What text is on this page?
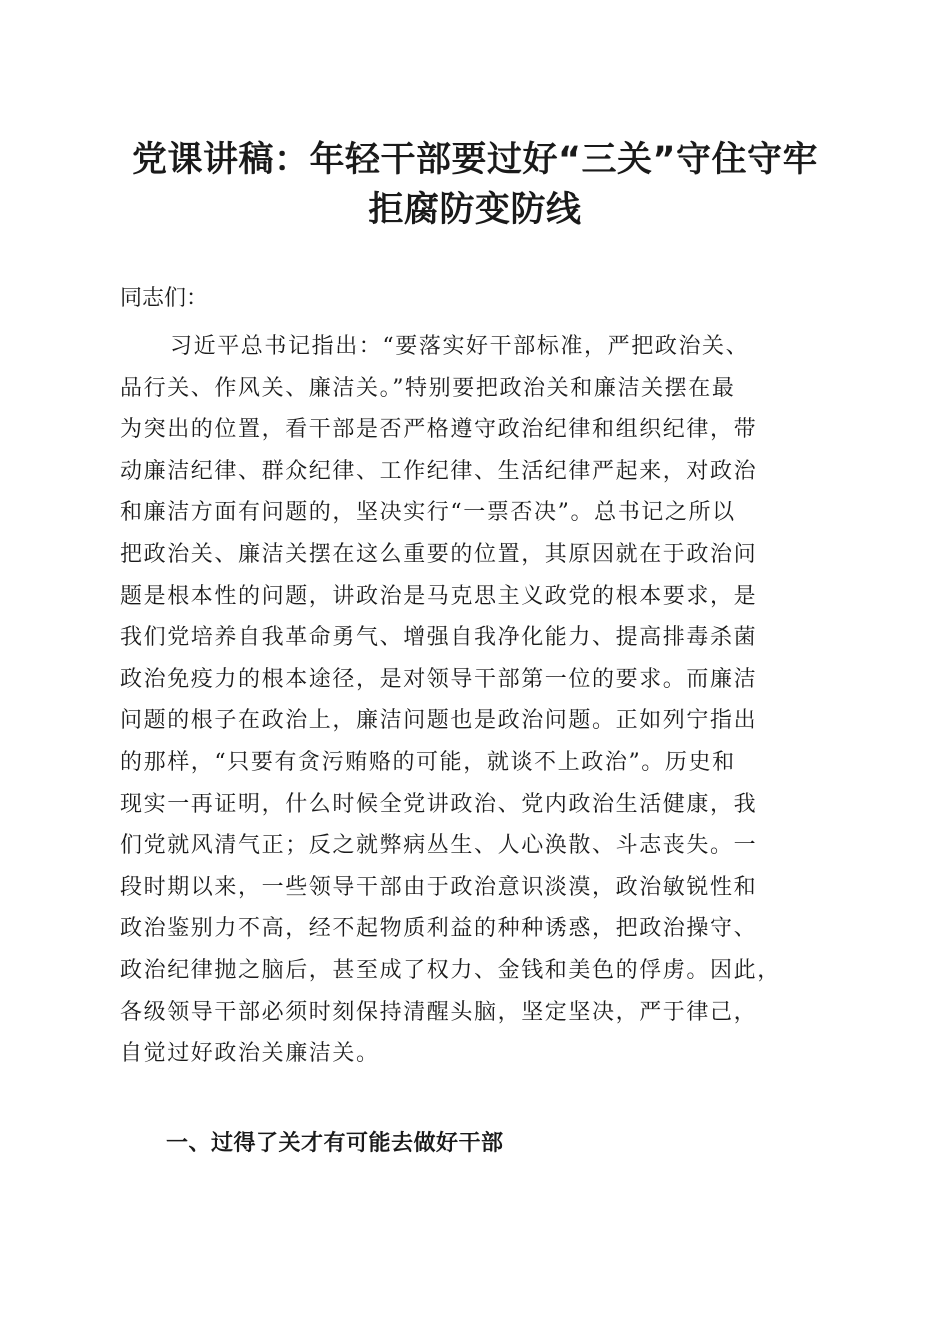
党课讲稿：年轻干部要过好“三关”守住守牢
拒腐防变防线

同志们：

习近平总书记指出：“要落实好干部标准，严把政治关、
品行关、作风关、廉洁关。”特别要把政治关和廉洁关摆在最
为突出的位置，看干部是否严格遵守政治纪律和组织纪律，带
动廉洁纪律、群众纪律、工作纪律、生活纪律严起来，对政治
和廉洁方面有问题的，坚决实行“一票否决”。总书记之所以
把政治关、廉洁关摆在这么重要的位置，其原因就在于政治问
题是根本性的问题，讲政治是马克思主义政党的根本要求，是
我们党培养自我革命勇气、增强自我净化能力、提高排毒杀菌
政治免疫力的根本途径，是对领导干部第一位的要求。而廉洁
问题的根子在政治上，廉洁问题也是政治问题。正如列宁指出
的那样，“只要有贪污贿赂的可能，就谈不上政治”。历史和
现实一再证明，什么时候全党讲政治、党内政治生活健康，我
们党就风清气正；反之就弊病丛生、人心涣散、斗志丧失。一
段时期以来，一些领导干部由于政治意识淡漠，政治敏锐性和
政治鉴别力不高，经不起物质利益的种种诱惑，把政治操守、
政治纪律抛之脑后，甚至成了权力、金钱和美色的俘虏。因此，
各级领导干部必须时刻保持清醒头脑，坚定坚决，严于律己，
自觉过好政治关廉洁关。
一、过得了关才有可能去做好干部
